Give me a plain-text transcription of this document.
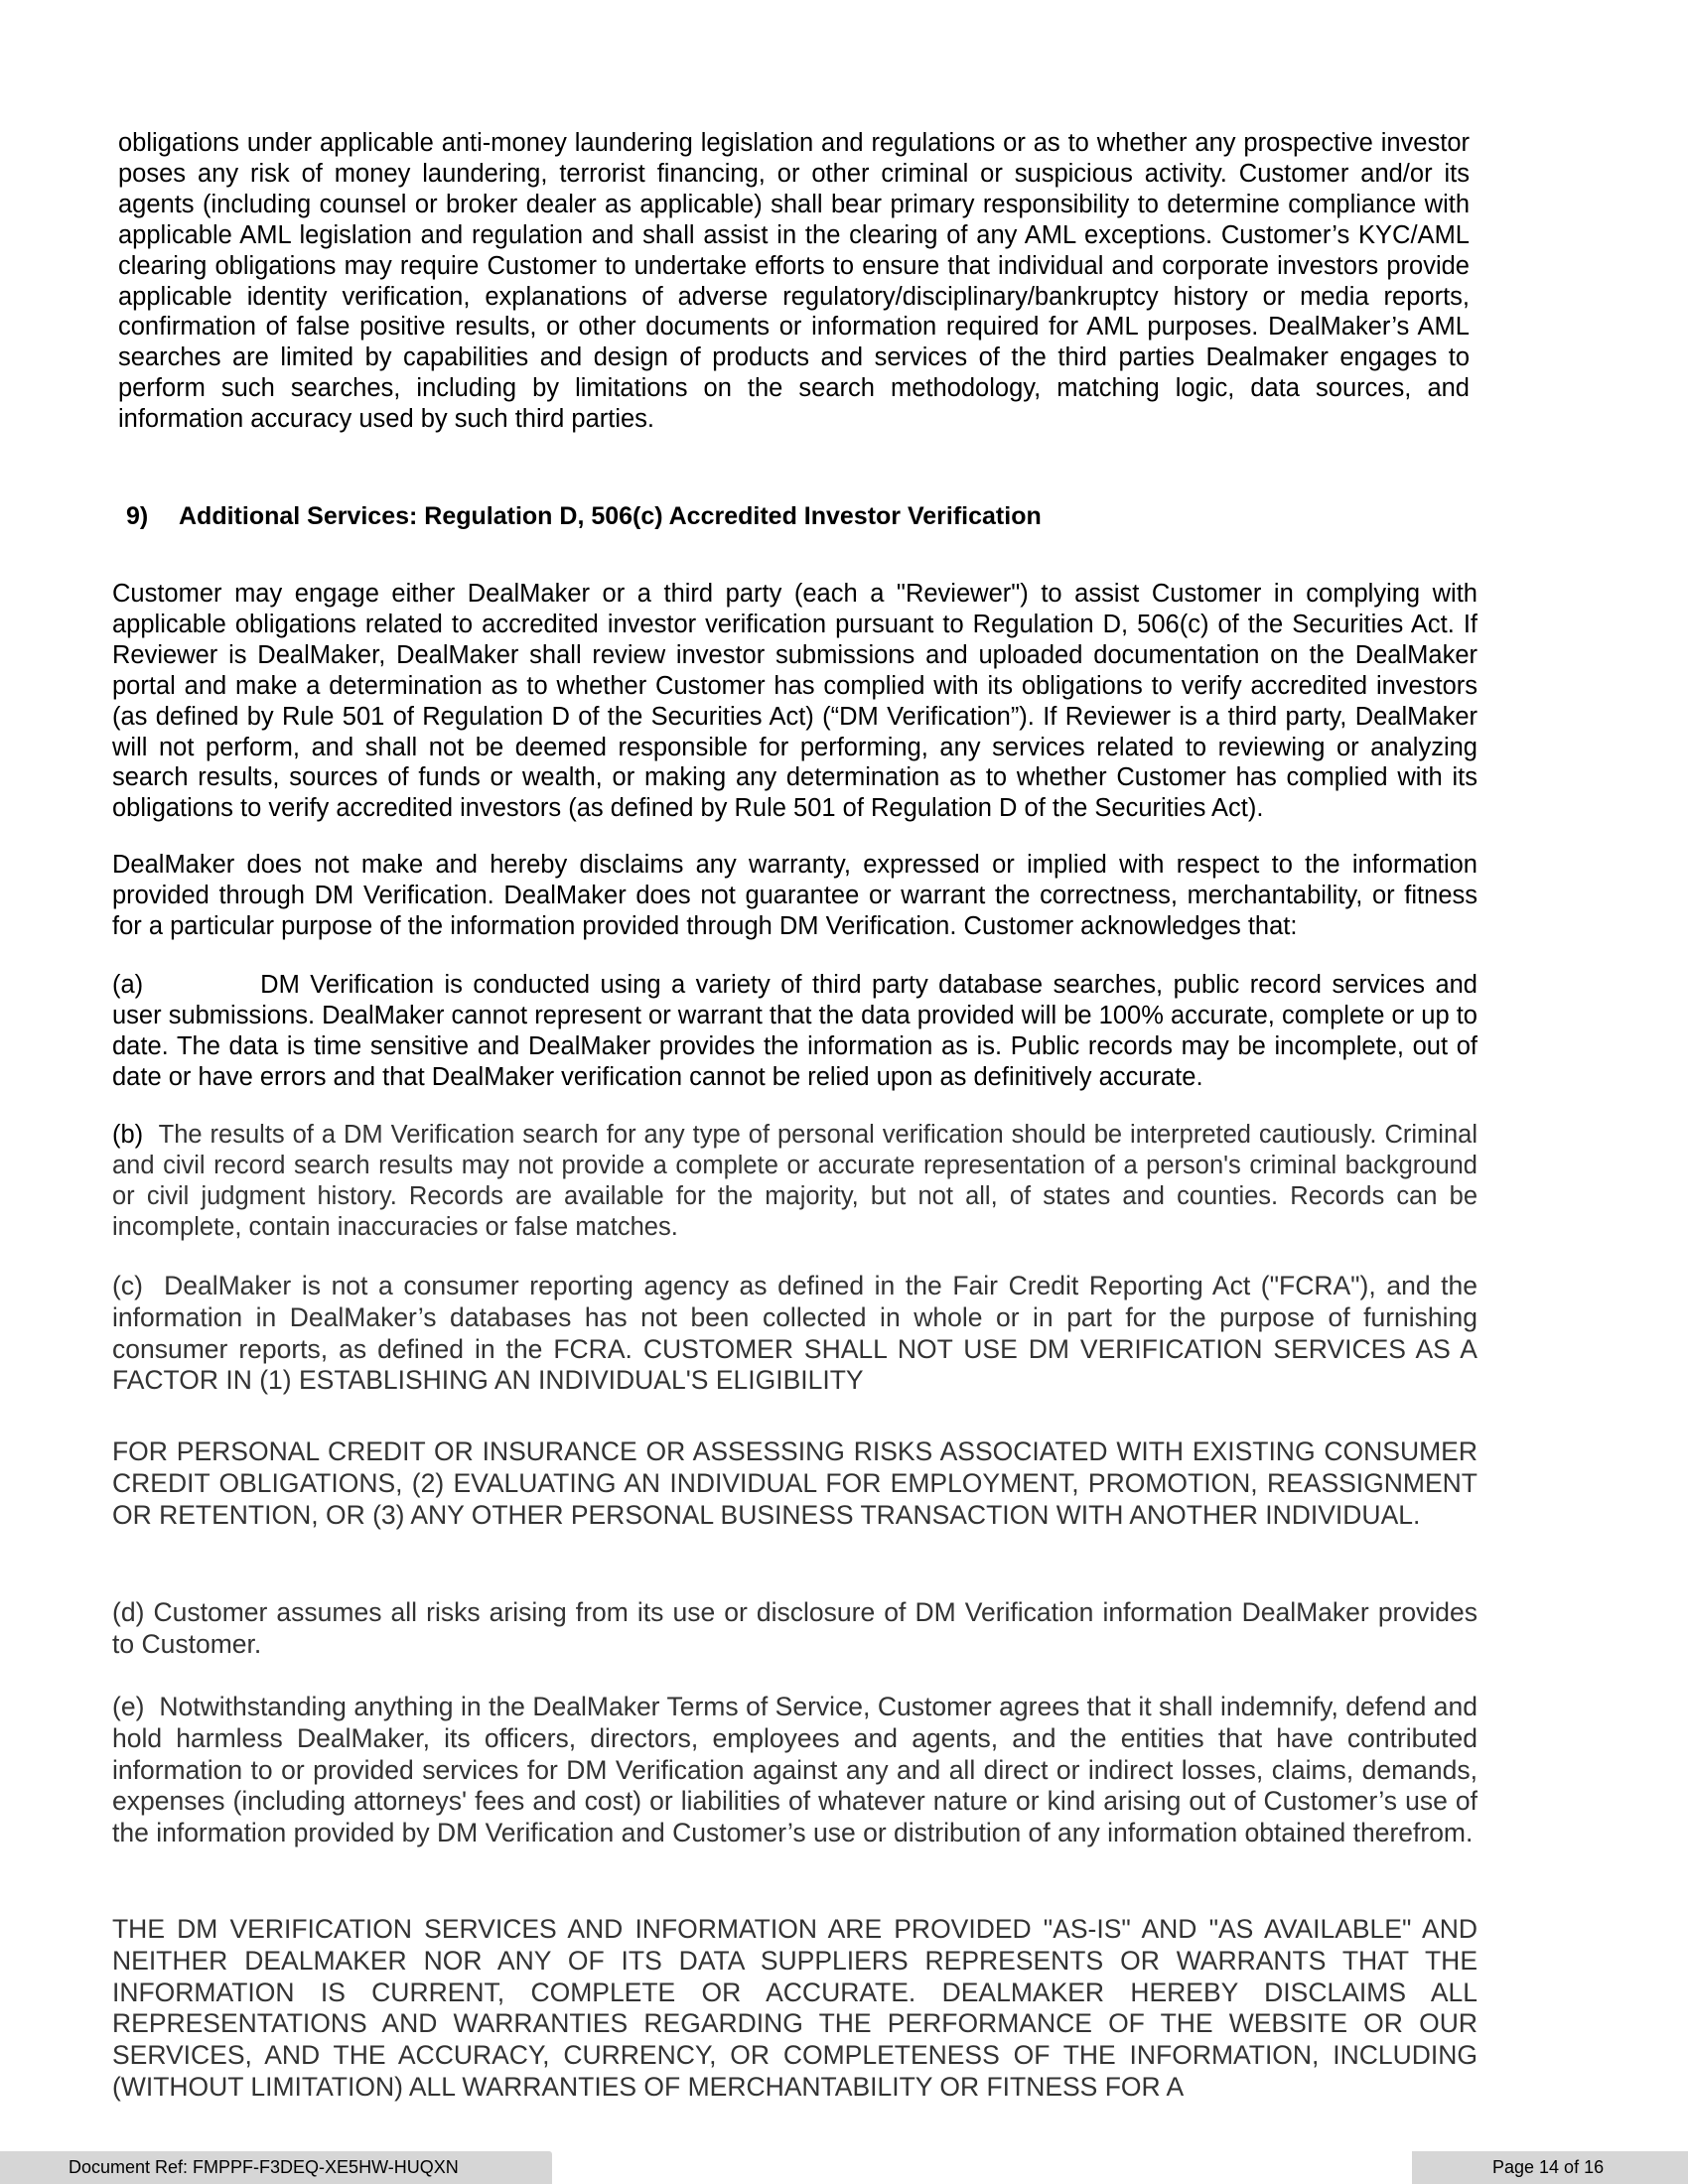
obligations under applicable anti-money laundering legislation and regulations or as to whether any prospective investor poses any risk of money laundering, terrorist financing, or other criminal or suspicious activity. Customer and/or its agents (including counsel or broker dealer as applicable) shall bear primary responsibility to determine compliance with applicable AML legislation and regulation and shall assist in the clearing of any AML exceptions. Customer’s KYC/AML clearing obligations may require Customer to undertake efforts to ensure that individual and corporate investors provide applicable identity verification, explanations of adverse regulatory/disciplinary/bankruptcy history or media reports, confirmation of false positive results, or other documents or information required for AML purposes. DealMaker’s AML searches are limited by capabilities and design of products and services of the third parties Dealmaker engages to perform such searches, including by limitations on the search methodology, matching logic, data sources, and information accuracy used by such third parties.

9) Additional Services: Regulation D, 506(c) Accredited Investor Verification

Customer may engage either DealMaker or a third party (each a "Reviewer") to assist Customer in complying with applicable obligations related to accredited investor verification pursuant to Regulation D, 506(c) of the Securities Act. If Reviewer is DealMaker, DealMaker shall review investor submissions and uploaded documentation on the DealMaker portal and make a determination as to whether Customer has complied with its obligations to verify accredited investors (as defined by Rule 501 of Regulation D of the Securities Act) (“DM Verification”). If Reviewer is a third party, DealMaker will not perform, and shall not be deemed responsible for performing, any services related to reviewing or analyzing search results, sources of funds or wealth, or making any determination as to whether Customer has complied with its obligations to verify accredited investors (as defined by Rule 501 of Regulation D of the Securities Act).

DealMaker does not make and hereby disclaims any warranty, expressed or implied with respect to the information provided through DM Verification. DealMaker does not guarantee or warrant the correctness, merchantability, or fitness for a particular purpose of the information provided through DM Verification. Customer acknowledges that:

(a)	DM Verification is conducted using a variety of third party database searches, public record services and user submissions. DealMaker cannot represent or warrant that the data provided will be 100% accurate, complete or up to date. The data is time sensitive and DealMaker provides the information as is. Public records may be incomplete, out of date or have errors and that DealMaker verification cannot be relied upon as definitively accurate.

(b) The results of a DM Verification search for any type of personal verification should be interpreted cautiously. Criminal and civil record search results may not provide a complete or accurate representation of a person's criminal background or civil judgment history. Records are available for the majority, but not all, of states and counties. Records can be incomplete, contain inaccuracies or false matches.

(c) DealMaker is not a consumer reporting agency as defined in the Fair Credit Reporting Act ("FCRA"), and the information in DealMaker’s databases has not been collected in whole or in part for the purpose of furnishing consumer reports, as defined in the FCRA. CUSTOMER SHALL NOT USE DM VERIFICATION SERVICES AS A FACTOR IN (1) ESTABLISHING AN INDIVIDUAL'S ELIGIBILITY

FOR PERSONAL CREDIT OR INSURANCE OR ASSESSING RISKS ASSOCIATED WITH EXISTING CONSUMER CREDIT OBLIGATIONS, (2) EVALUATING AN INDIVIDUAL FOR EMPLOYMENT, PROMOTION, REASSIGNMENT OR RETENTION, OR (3) ANY OTHER PERSONAL BUSINESS TRANSACTION WITH ANOTHER INDIVIDUAL.

(d) Customer assumes all risks arising from its use or disclosure of DM Verification information DealMaker provides to Customer.

(e) Notwithstanding anything in the DealMaker Terms of Service, Customer agrees that it shall indemnify, defend and hold harmless DealMaker, its officers, directors, employees and agents, and the entities that have contributed information to or provided services for DM Verification against any and all direct or indirect losses, claims, demands, expenses (including attorneys' fees and cost) or liabilities of whatever nature or kind arising out of Customer’s use of the information provided by DM Verification and Customer’s use or distribution of any information obtained therefrom.

THE DM VERIFICATION SERVICES AND INFORMATION ARE PROVIDED "AS-IS" AND "AS AVAILABLE" AND NEITHER DEALMAKER NOR ANY OF ITS DATA SUPPLIERS REPRESENTS OR WARRANTS THAT THE INFORMATION IS CURRENT, COMPLETE OR ACCURATE. DEALMAKER HEREBY DISCLAIMS ALL REPRESENTATIONS AND WARRANTIES REGARDING THE PERFORMANCE OF THE WEBSITE OR OUR SERVICES, AND THE ACCURACY, CURRENCY, OR COMPLETENESS OF THE INFORMATION, INCLUDING (WITHOUT LIMITATION) ALL WARRANTIES OF MERCHANTABILITY OR FITNESS FOR A

Document Ref: FMPPF-F3DEQ-XE5HW-HUQXN	Page 14 of 16
